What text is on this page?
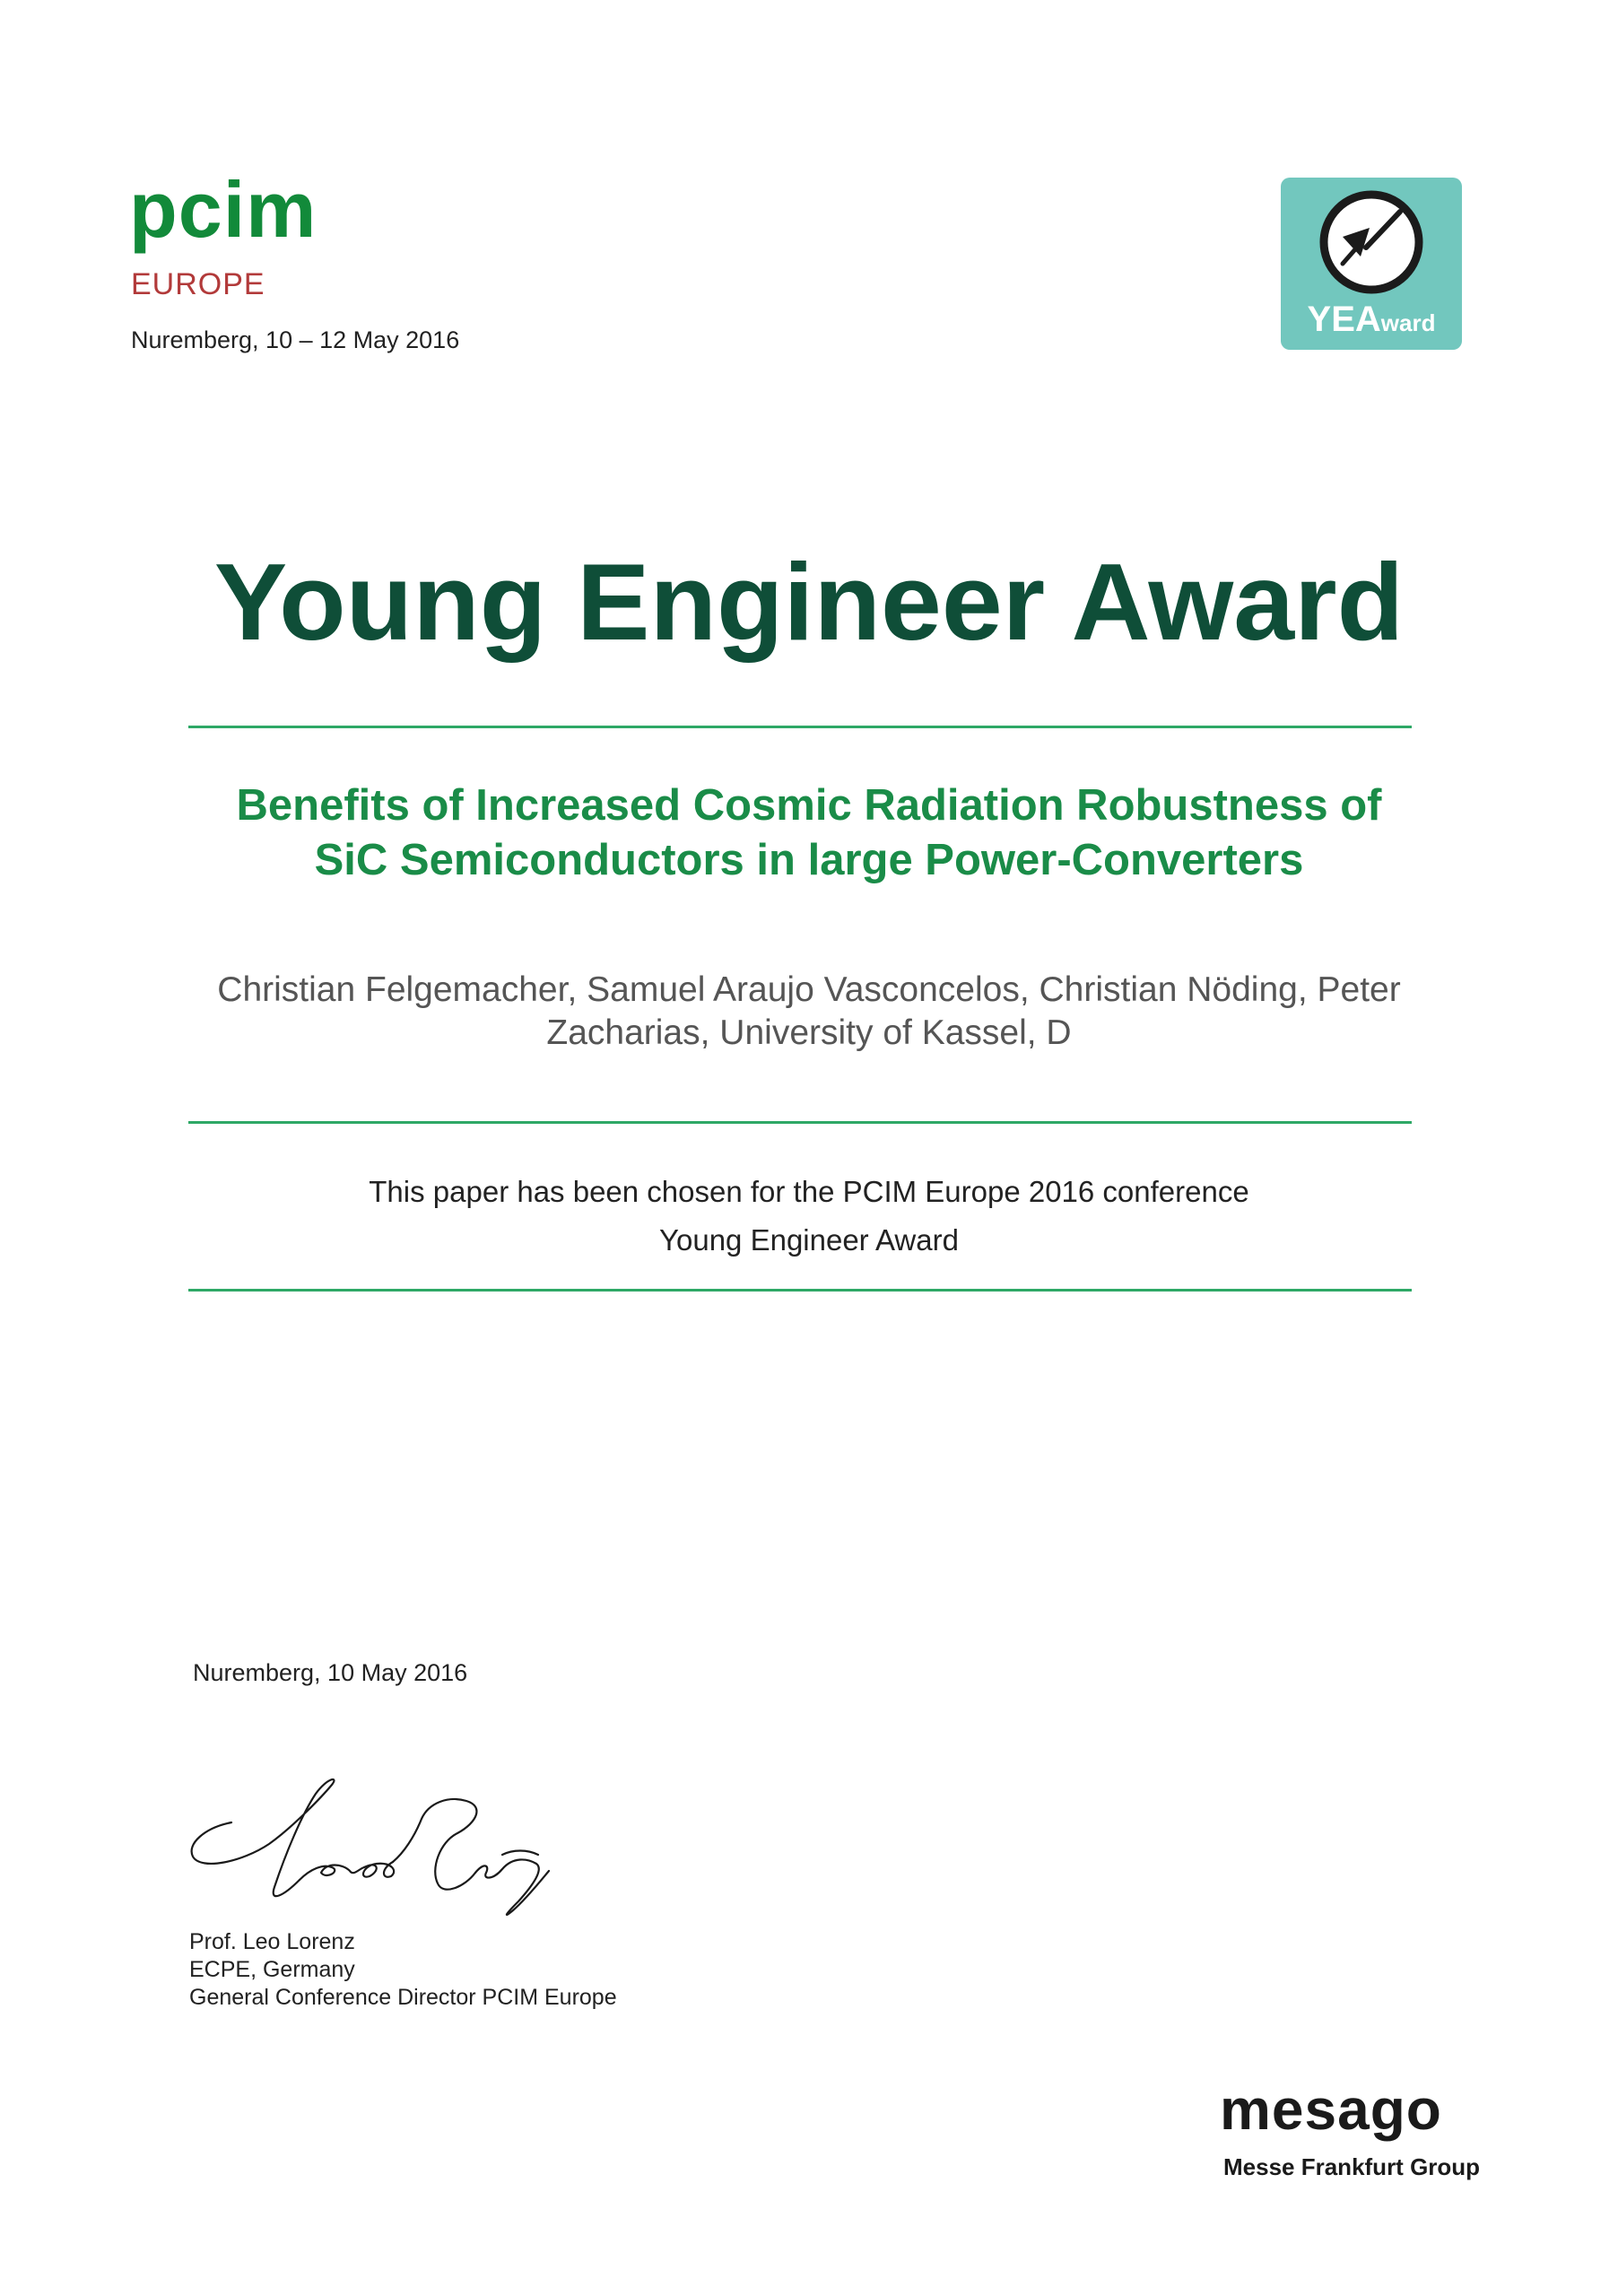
pcim
EUROPE
Nuremberg, 10 – 12 May 2016
YEAward
Young Engineer Award
Benefits of Increased Cosmic Radiation Robustness of
SiC Semiconductors in large Power-Converters
Christian Felgemacher, Samuel Araujo Vasconcelos, Christian Nöding, Peter
Zacharias, University of Kassel, D
This paper has been chosen for the PCIM Europe 2016 conference
Young Engineer Award
Nuremberg, 10 May 2016
Prof. Leo Lorenz
ECPE, Germany
General Conference Director PCIM Europe
mesago
Messe Frankfurt Group
